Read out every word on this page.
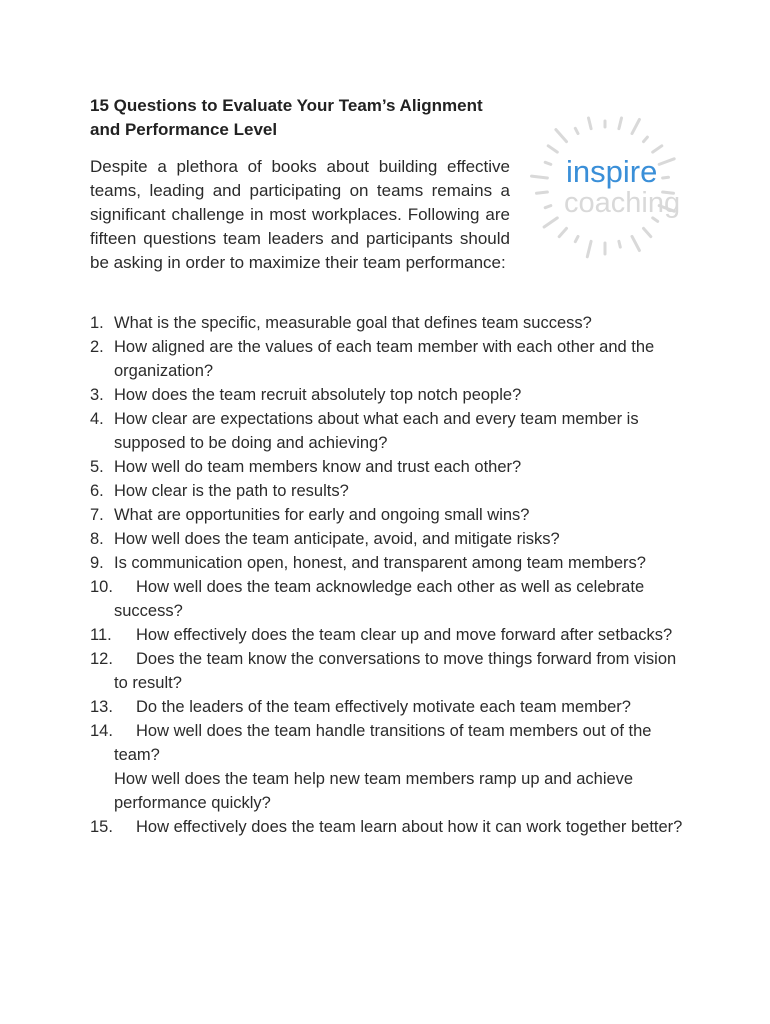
15 Questions to Evaluate Your Team’s Alignment
and Performance Level

Despite a plethora of books about building effective teams, leading and participating on teams remains a significant challenge in most workplaces. Following are fifteen questions team leaders and participants should be asking in order to maximize their team performance:

inspire
coaching
1. What is the specific, measurable goal that defines team success?
2. How aligned are the values of each team member with each other and the organization?
3. How does the team recruit absolutely top notch people?
4. How clear are expectations about what each and every team member is supposed to be doing and achieving?
5. How well do team members know and trust each other?
6. How clear is the path to results?
7. What are opportunities for early and ongoing small wins?
8. How well does the team anticipate, avoid, and mitigate risks?
9. Is communication open, honest, and transparent among team members?
10.	How well does the team acknowledge each other as well as celebrate success?
11.	How effectively does the team clear up and move forward after setbacks?
12.	Does the team know the conversations to move things forward from vision to result?
13.	Do the leaders of the team effectively motivate each team member?
14.	How well does the team handle transitions of team members out of the team?
How well does the team help new team members ramp up and achieve performance quickly?
15.	How effectively does the team learn about how it can work together better?
